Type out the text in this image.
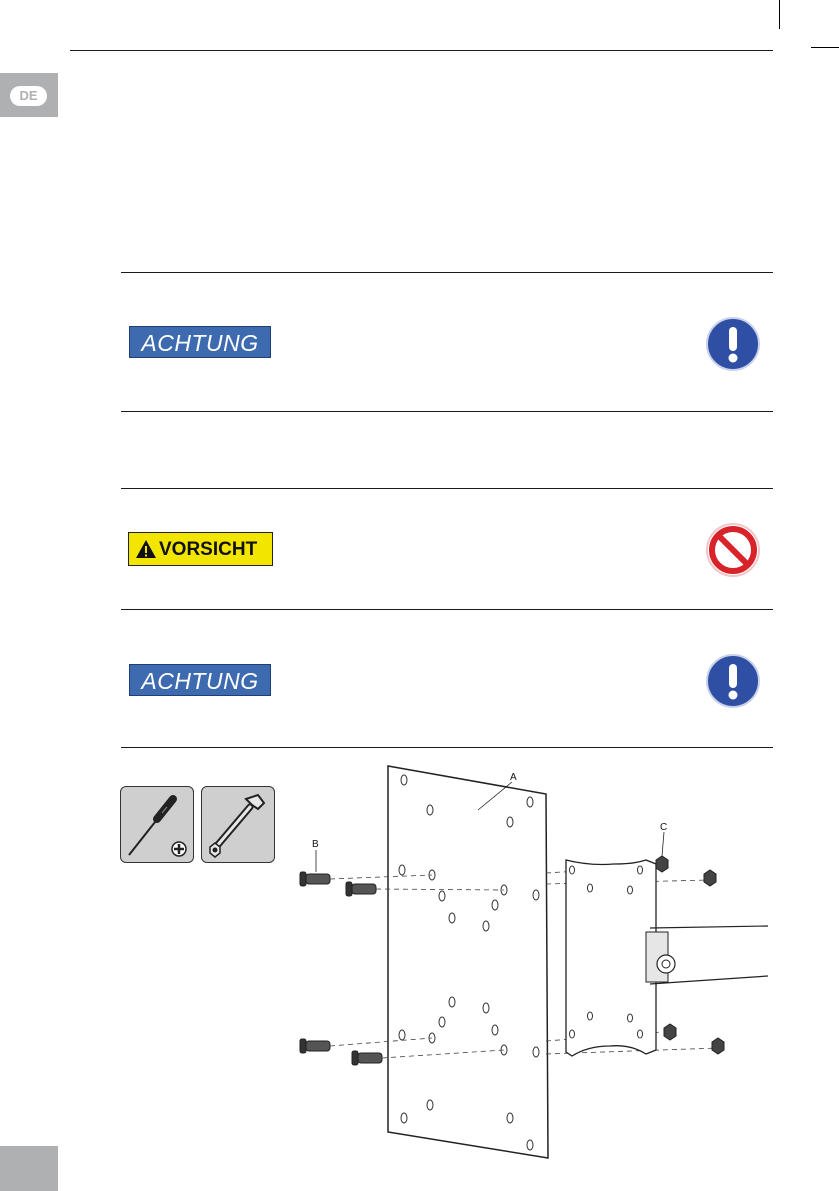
DE
ACHTUNG
VORSICHT
ACHTUNG
A
B
C
